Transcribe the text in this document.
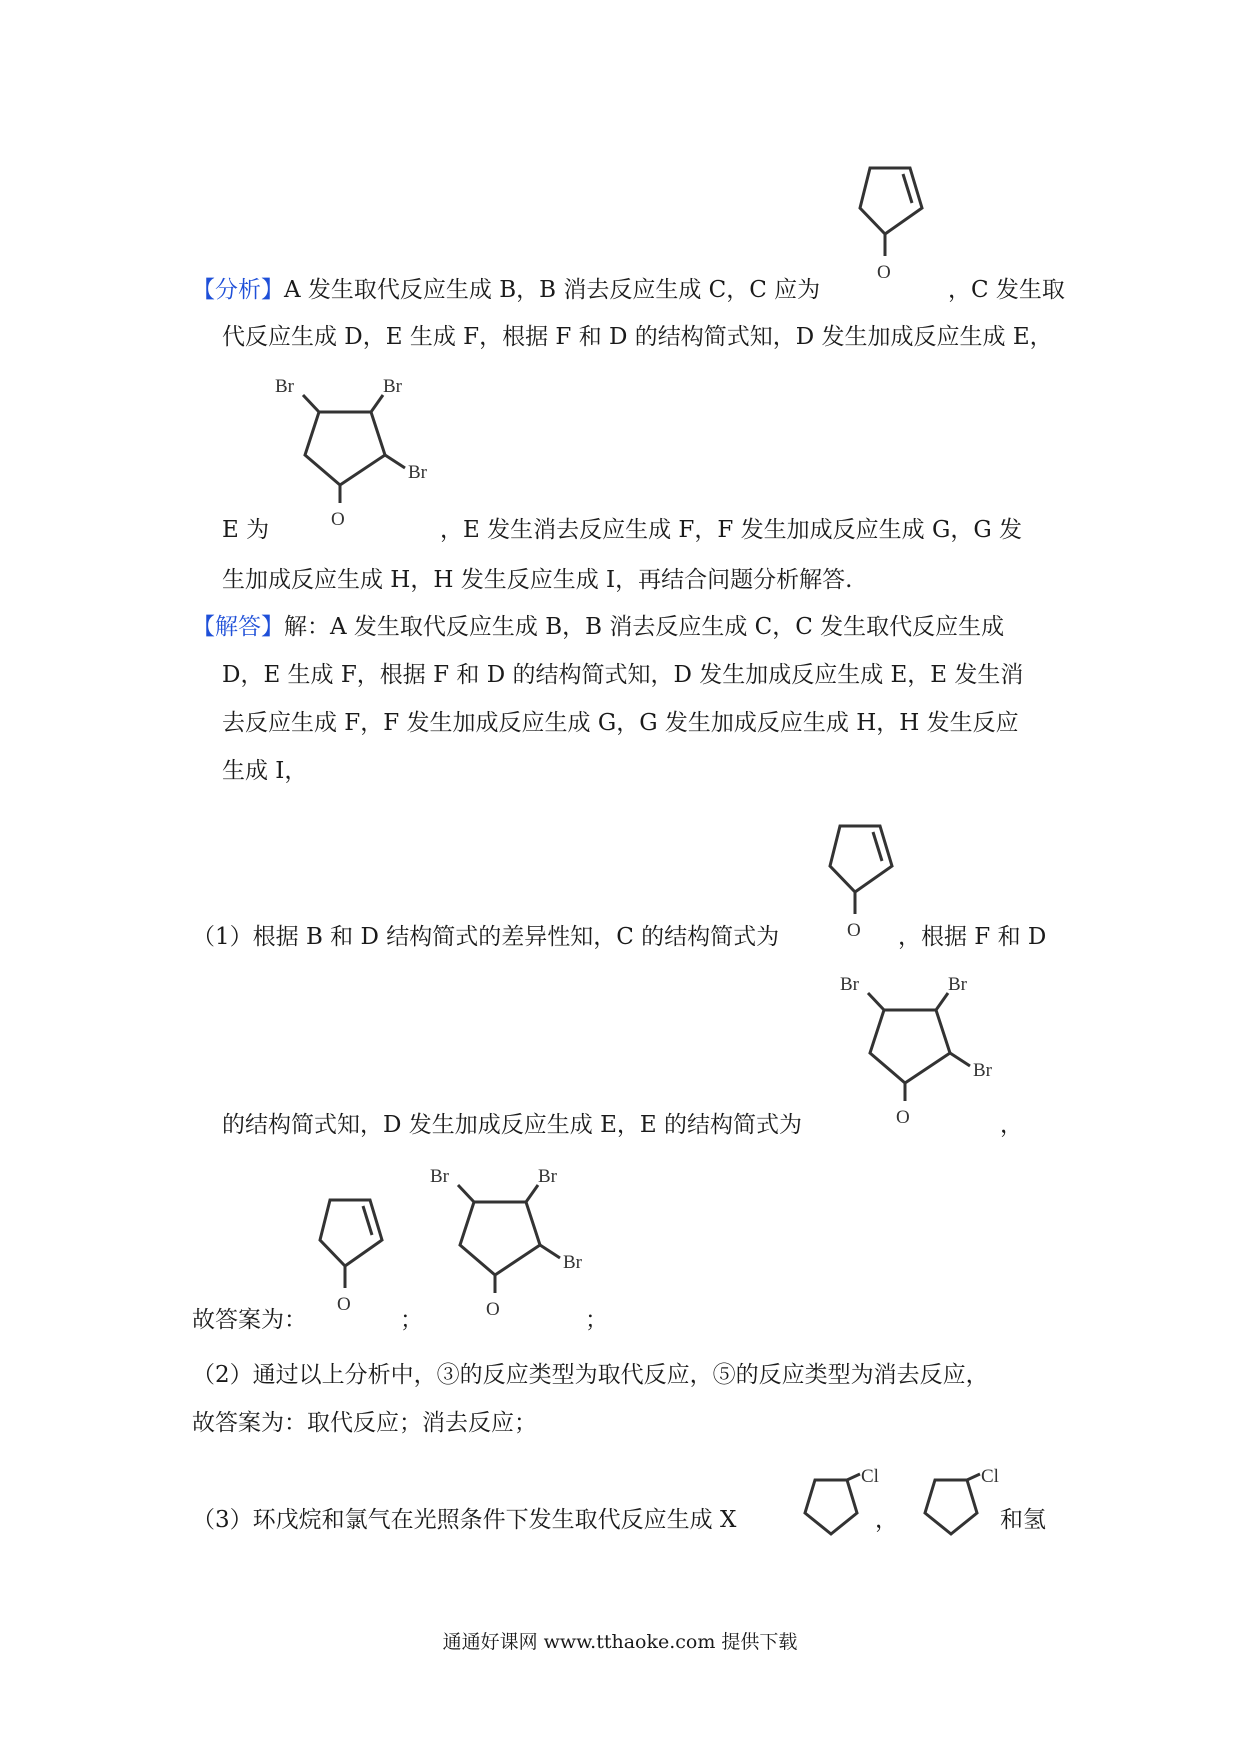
O
【分析】A 发生取代反应生成 B，B 消去反应生成 C，C 应为	，C 发生取
代反应生成 D，E 生成 F，根据 F 和 D 的结构简式知，D 发生加成反应生成 E，
Br	Br
Br
O
E 为	，E 发生消去反应生成 F，F 发生加成反应生成 G，G 发
生加成反应生成 H，H 发生反应生成 I，再结合问题分析解答.
【解答】解：A 发生取代反应生成 B，B 消去反应生成 C，C 发生取代反应生成
D，E 生成 F，根据 F 和 D 的结构简式知，D 发生加成反应生成 E，E 发生消
去反应生成 F，F 发生加成反应生成 G，G 发生加成反应生成 H，H 发生反应
生成 I，
O
（1）根据 B 和 D 结构简式的差异性知，C 的结构简式为	，根据 F 和 D
Br	Br
Br
O
的结构简式知，D 发生加成反应生成 E，E 的结构简式为	，
O
Br	Br
Br
O
故答案为：	；	；
（2）通过以上分析中，③的反应类型为取代反应，⑤的反应类型为消去反应，
故答案为：取代反应；消去反应；
（3）环戊烷和氯气在光照条件下发生取代反应生成 X
Cl
，
Cl
和氢
通通好课网 www.tthaoke.com 提供下载
